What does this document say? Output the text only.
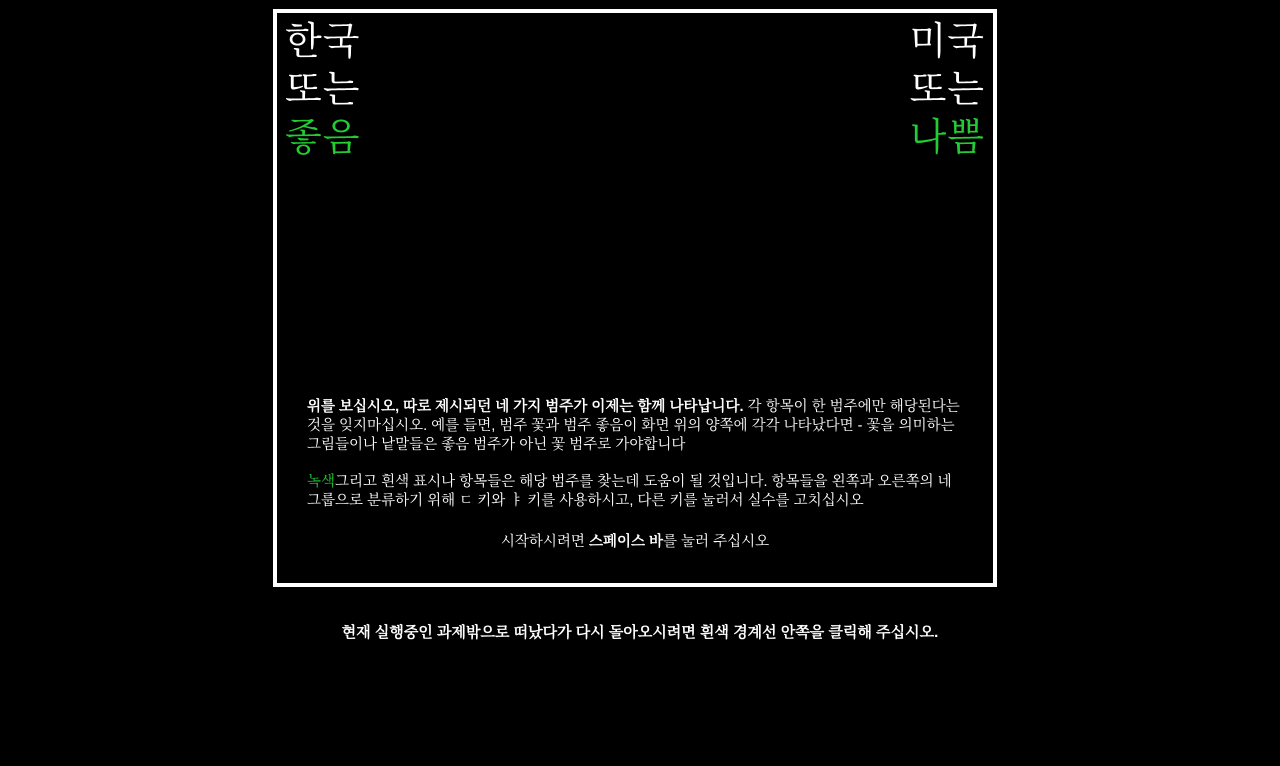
한국
또는
좋음
미국
또는
나쁨

위를 보십시오, 따로 제시되던 네 가지 범주가 이제는 함께 나타납니다. 각 항목이 한 범주에만 해당된다는 것을 잊지마십시오. 예를 들면, 범주 꽃과 범주 좋음이 화면 위의 양쪽에 각각 나타났다면 - 꽃을 의미하는 그림들이나 낱말들은 좋음 범주가 아닌 꽃 범주로 가야합니다

녹색그리고 흰색 표시나 항목들은 해당 범주를 찾는데 도움이 될 것입니다. 항목들을 왼쪽과 오른쪽의 네 그룹으로 분류하기 위해 ㄷ 키와 ㅑ 키를 사용하시고, 다른 키를 눌러서 실수를 고치십시오

시작하시려면 스페이스 바를 눌러 주십시오

현재 실행중인 과제밖으로 떠났다가 다시 돌아오시려면 흰색 경계선 안쪽을 클릭해 주십시오.
